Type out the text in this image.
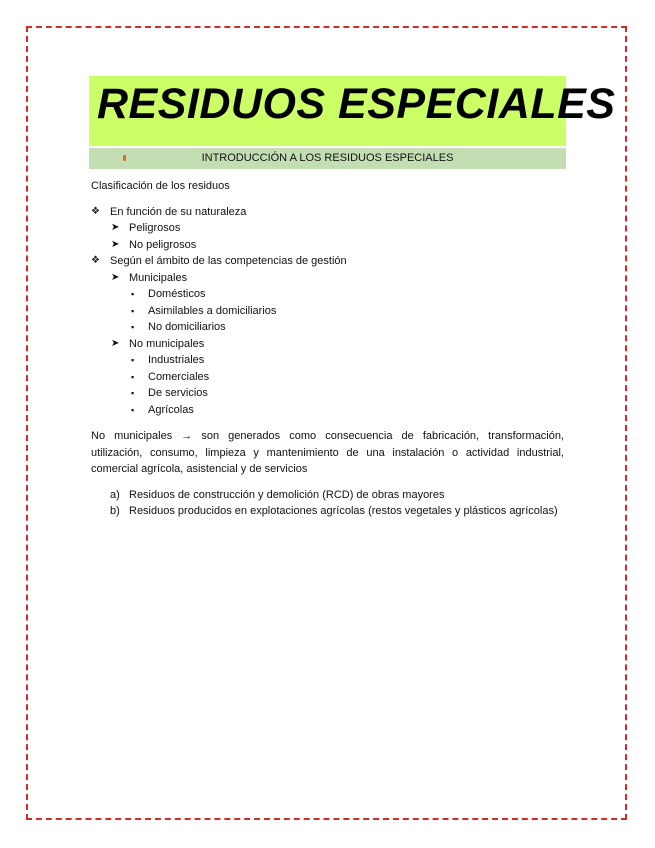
RESIDUOS ESPECIALES
INTRODUCCIÓN A LOS RESIDUOS ESPECIALES

Clasificación de los residuos

❖ En función de su naturaleza
➤ Peligrosos
➤ No peligrosos
❖ Según el ámbito de las competencias de gestión
➤ Municipales
▪ Domésticos
▪ Asimilables a domiciliarios
▪ No domiciliarios
➤ No municipales
▪ Industriales
▪ Comerciales
▪ De servicios
▪ Agrícolas

No municipales → son generados como consecuencia de fabricación, transformación, utilización, consumo, limpieza y mantenimiento de una instalación o actividad industrial, comercial agrícola, asistencial y de servicios

a) Residuos de construcción y demolición (RCD) de obras mayores
b) Residuos producidos en explotaciones agrícolas (restos vegetales y plásticos agrícolas)
